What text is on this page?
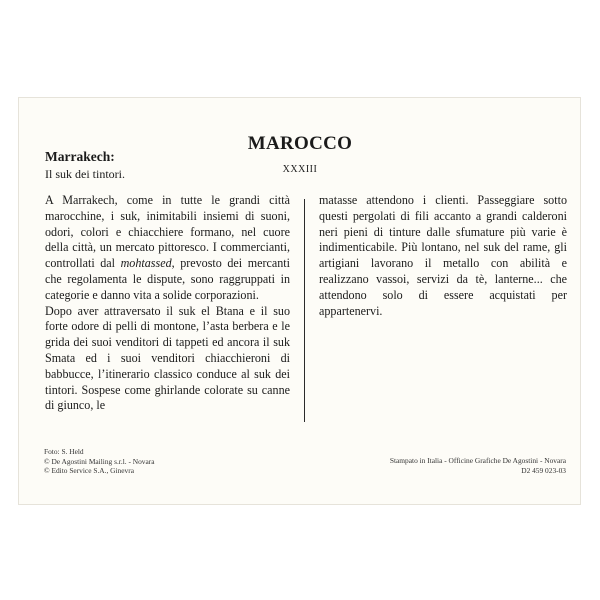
MAROCCO
XXXIII
Marrakech:
Il suk dei tintori.

A Marrakech, come in tutte le grandi città marocchine, i suk, inimitabili insiemi di suoni, odori, colori e chiacchiere formano, nel cuore della città, un mercato pittoresco. I commercianti, controllati dal mohtassed, prevosto dei mercanti che regolamenta le dispute, sono raggruppati in categorie e danno vita a solide corporazioni.

Dopo aver attraversato il suk el Btana e il suo forte odore di pelli di montone, l’asta berbera e le grida dei suoi venditori di tappeti ed ancora il suk Smata ed i suoi venditori chiacchieroni di babbucce, l’itinerario classico conduce al suk dei tintori. Sospese come ghirlande colorate su canne di giunco, le

matasse attendono i clienti. Passeggiare sotto questi pergolati di fili accanto a grandi calderoni neri pieni di tinture dalle sfumature più varie è indimenticabile. Più lontano, nel suk del rame, gli artigiani lavorano il metallo con abilità e realizzano vassoi, servizi da tè, lanterne... che attendono solo di essere acquistati per appartenervi.

Foto: S. Held
© De Agostini Mailing s.r.l. - Novara
© Edito Service S.A., Ginevra
Stampato in Italia - Officine Grafiche De Agostini - Novara
D2 459 023-03
